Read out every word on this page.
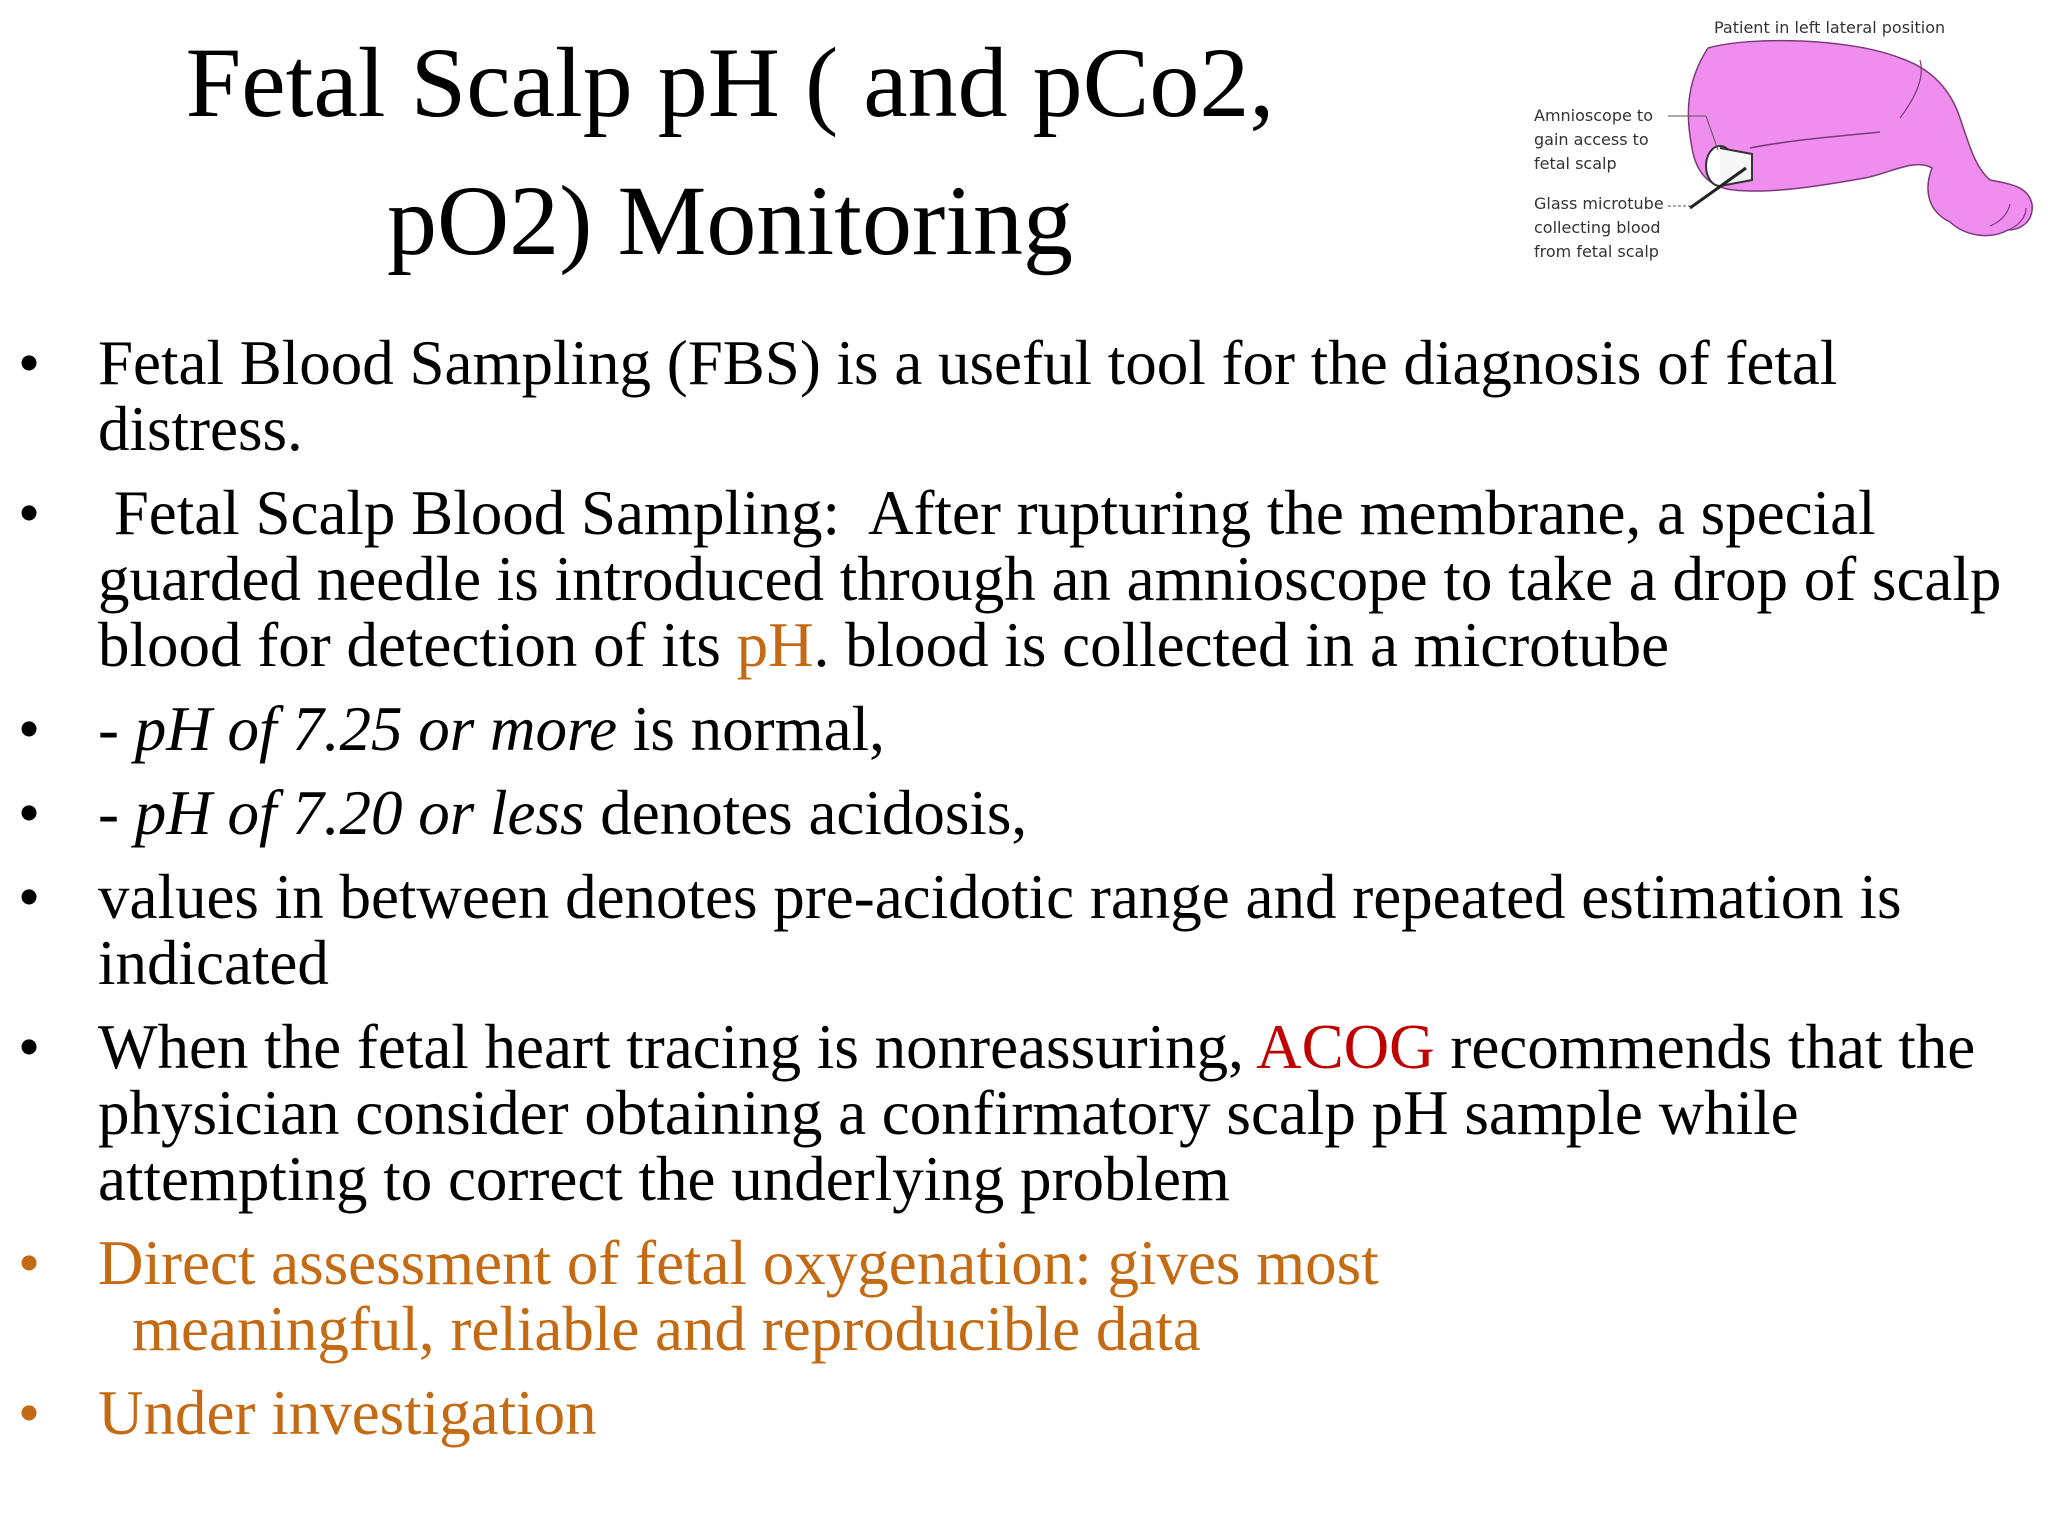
Fetal Scalp pH ( and pCo2,
pO2) Monitoring
Patient in left lateral position
Amnioscope to
gain access to
fetal scalp
Glass microtube
collecting blood
from fetal scalp
• Fetal Blood Sampling (FBS) is a useful tool for the diagnosis of fetal distress.
•  Fetal Scalp Blood Sampling:  After rupturing the membrane, a special guarded needle is introduced through an amnioscope to take a drop of scalp blood for detection of its pH. blood is collected in a microtube
• - pH of 7.25 or more is normal,
• - pH of 7.20 or less denotes acidosis,
• values in between denotes pre-acidotic range and repeated estimation is indicated
• When the fetal heart tracing is nonreassuring, ACOG recommends that the physician consider obtaining a confirmatory scalp pH sample while attempting to correct the underlying problem
• Direct assessment of fetal oxygenation: gives most
meaningful, reliable and reproducible data
• Under investigation
